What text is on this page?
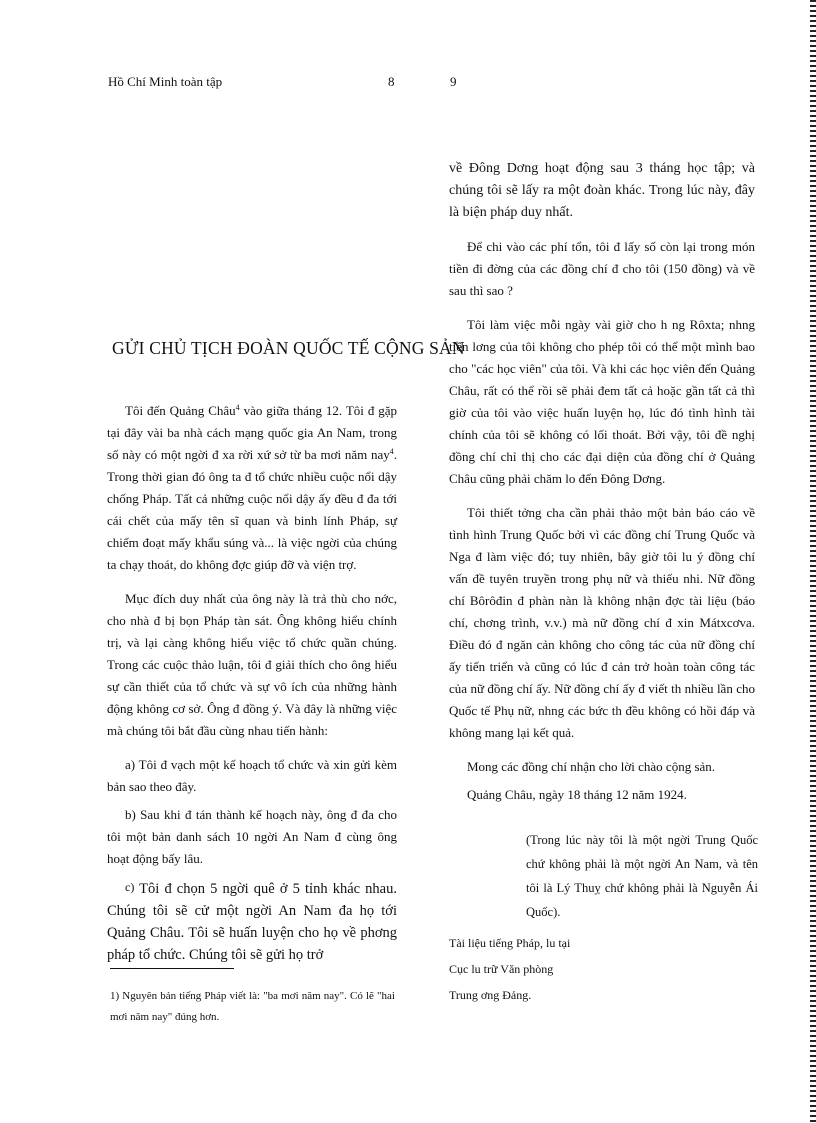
Hồ Chí Minh toàn tập	8
GỬI CHỦ TỊCH ĐOÀN QUỐC TẾ CỘNG SẢN

Tôi đến Quảng Châu$^4$ vào giữa tháng 12. Tôi đ gặp tại đây vài ba nhà cách mạng quốc gia An Nam, trong số này có một ngời đ xa rời xứ sở từ ba mơi năm nay$^4$. Trong thời gian đó ông ta đ tổ chức nhiều cuộc nổi dậy chống Pháp. Tất cả những cuộc nổi dậy ấy đều đ đa tới cái chết của mấy tên sĩ quan và binh lính Pháp, sự chiếm đoạt mấy khẩu súng và... là việc ngời của chúng ta chạy thoát, do không đợc giúp đỡ và viện trợ.

Mục đích duy nhất của ông này là trả thù cho nớc, cho nhà đ bị bọn Pháp tàn sát. Ông không hiểu chính trị, và lại càng không hiểu việc tổ chức quần chúng. Trong các cuộc thảo luận, tôi đ giải thích cho ông hiểu sự cần thiết của tổ chức và sự vô ích của những hành động không cơ sở. Ông đ đồng ý. Và đây là những việc mà chúng tôi bắt đầu cùng nhau tiến hành:

a) Tôi đ vạch một kế hoạch tổ chức và xin gửi kèm bản sao theo đây.

b) Sau khi đ tán thành kế hoạch này, ông đ đa cho tôi một bản danh sách 10 ngời An Nam đ cùng ông hoạt động bấy lâu.

c) Tôi đ chọn 5 ngời quê ở 5 tỉnh khác nhau. Chúng tôi sẽ cử một ngời An Nam đa họ tới Quảng Châu. Tôi sẽ huấn luyện cho họ về phơng pháp tổ chức. Chúng tôi sẽ gửi họ trở

1) Nguyên bản tiếng Pháp viết là: "ba mơi năm nay". Có lẽ "hai mơi năm nay" đúng hơn.
9

về Đông Dơng hoạt động sau 3 tháng học tập; và chúng tôi sẽ lấy ra một đoàn khác. Trong lúc này, đây là biện pháp duy nhất.

Để chi vào các phí tổn, tôi đ lấy số còn lại trong món tiền đi đờng của các đồng chí đ cho tôi (150 đồng) và về sau thì sao ?

Tôi làm việc mỗi ngày vài giờ cho h ng Rôxta; nhng tiền lơng của tôi không cho phép tôi có thể một mình bao cho "các học viên" của tôi. Và khi các học viên đến Quảng Châu, rất có thể rồi sẽ phải đem tất cả hoặc gần tất cả thì giờ của tôi vào việc huấn luyện họ, lúc đó tình hình tài chính của tôi sẽ không có lối thoát. Bởi vậy, tôi đề nghị đồng chí chỉ thị cho các đại diện của đồng chí ở Quảng Châu cũng phải chăm lo đến Đông Dơng.

Tôi thiết tởng cha cần phải thảo một bản báo cáo về tình hình Trung Quốc bởi vì các đồng chí Trung Quốc và Nga đ làm việc đó; tuy nhiên, bây giờ tôi lu ý đồng chí vấn đề tuyên truyền trong phụ nữ và thiếu nhi. Nữ đồng chí Bôrôđin đ phàn nàn là không nhận đợc tài liệu (báo chí, chơng trình, v.v.) mà nữ đồng chí đ xin Mátxcơva. Điều đó đ ngăn cản không cho công tác của nữ đồng chí ấy tiến triển và cũng có lúc đ cản trở hoàn toàn công tác của nữ đồng chí ấy. Nữ đồng chí ấy đ viết th nhiều lần cho Quốc tế Phụ nữ, nhng các bức th đều không có hồi đáp và không mang lại kết quả.

Mong các đồng chí nhận cho lời chào cộng sản.

Quảng Châu, ngày 18 tháng 12 năm 1924.

(Trong lúc này tôi là một ngời Trung Quốc chứ không phải là một ngời An Nam, và tên tôi là Lý Thuỵ chứ không phải là Nguyễn Ái Quốc).
Tài liệu tiếng Pháp, lu tại
Cục lu trữ Văn phòng
Trung ơng Đảng.
